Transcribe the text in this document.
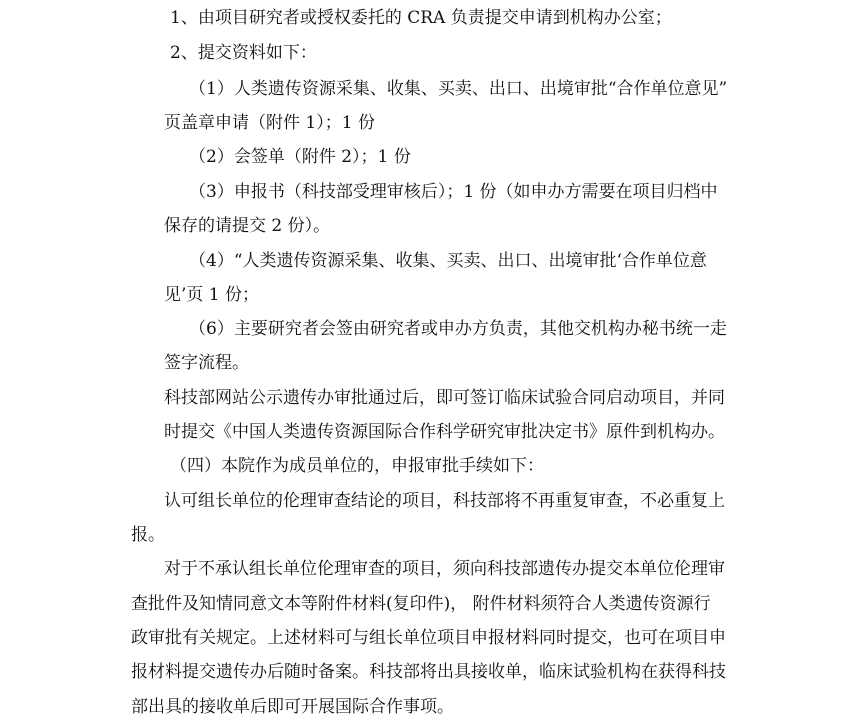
1、由项目研究者或授权委托的 CRA 负责提交申请到机构办公室；
2、提交资料如下：
（1）人类遗传资源采集、收集、买卖、出口、出境审批“合作单位意见”
页盖章申请（附件 1）；1 份
（2）会签单（附件 2）；1 份
（3）申报书（科技部受理审核后）；1 份（如申办方需要在项目归档中
保存的请提交 2 份）。
（4）“人类遗传资源采集、收集、买卖、出口、出境审批‘合作单位意
见’页 1 份；
（6）主要研究者会签由研究者或申办方负责，其他交机构办秘书统一走
签字流程。
科技部网站公示遗传办审批通过后，即可签订临床试验合同启动项目，并同
时提交《中国人类遗传资源国际合作科学研究审批决定书》原件到机构办。
（四）本院作为成员单位的，申报审批手续如下：
认可组长单位的伦理审查结论的项目，科技部将不再重复审查，不必重复上
报。
对于不承认组长单位伦理审查的项目，须向科技部遗传办提交本单位伦理审
查批件及知情同意文本等附件材料(复印件)， 附件材料须符合人类遗传资源行
政审批有关规定。上述材料可与组长单位项目申报材料同时提交，也可在项目申
报材料提交遗传办后随时备案。科技部将出具接收单，临床试验机构在获得科技
部出具的接收单后即可开展国际合作事项。
